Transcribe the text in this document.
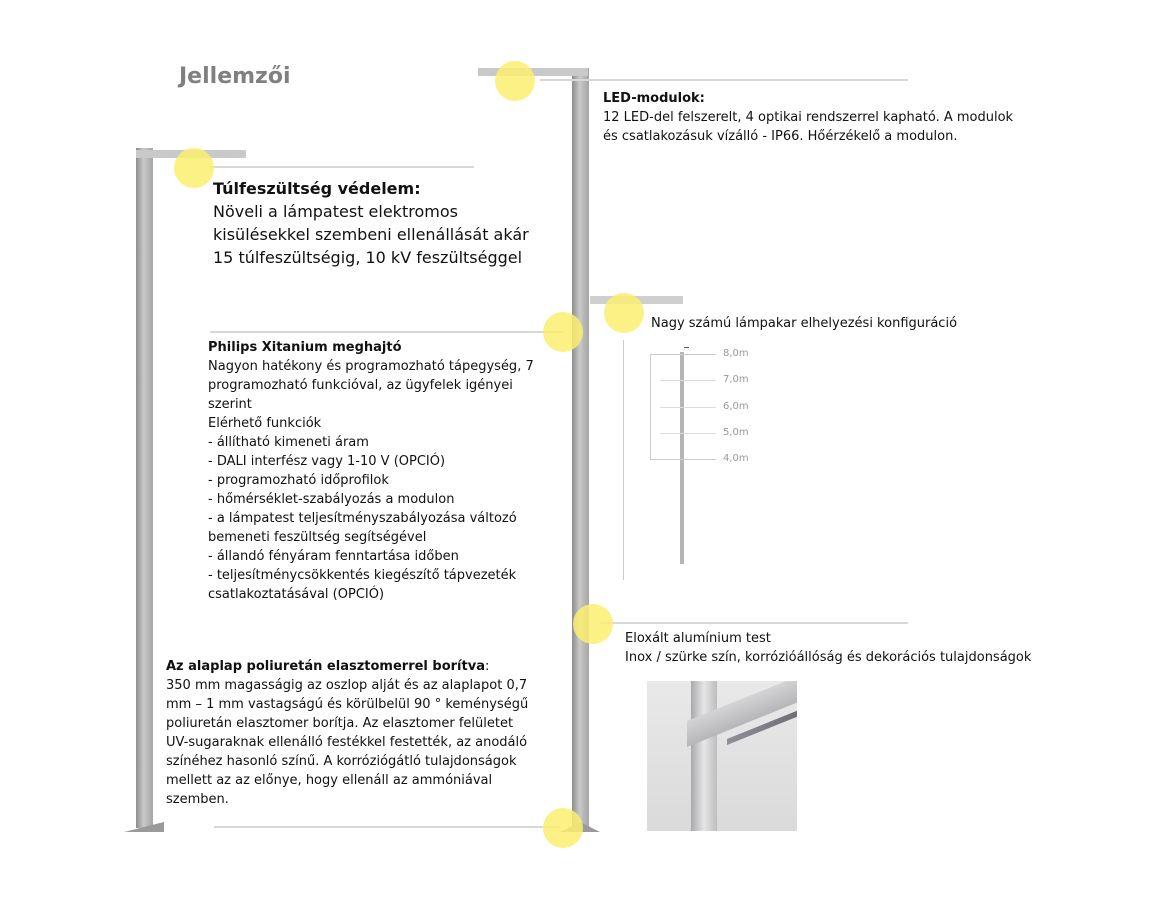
Jellemzői
LED-modulok:
12 LED-del felszerelt, 4 optikai rendszerrel kapható. A modulok
és csatlakozásuk vízálló - IP66. Hőérzékelő a modulon.
Túlfeszültség védelem:
Növeli a lámpatest elektromos
kisülésekkel szembeni ellenállását akár
15 túlfeszültségig, 10 kV feszültséggel
Philips Xitanium meghajtó
Nagyon hatékony és programozható tápegység, 7
programozható funkcióval, az ügyfelek igényei
szerint
Elérhető funkciók
- állítható kimeneti áram
- DALI interfész vagy 1-10 V (OPCIÓ)
- programozható időprofilok
- hőmérséklet-szabályozás a modulon
- a lámpatest teljesítményszabályozása változó
bemeneti feszültség segítségével
- állandó fényáram fenntartása időben
- teljesítménycsökkentés kiegészítő tápvezeték
csatlakoztatásával (OPCIÓ)
Nagy számú lámpakar elhelyezési konfiguráció
8,0m
7,0m
6,0m
5,0m
4,0m
Az alaplap poliuretán elasztomerrel borítva:
350 mm magasságig az oszlop alját és az alaplapot 0,7
mm – 1 mm vastagságú és körülbelül 90 ° keménységű
poliuretán elasztomer borítja. Az elasztomer felületet
UV-sugaraknak ellenálló festékkel festették, az anodáló
színéhez hasonló színű. A korróziógátló tulajdonságok
mellett az az előnye, hogy ellenáll az ammóniával
szemben.
Eloxált alumínium test
Inox / szürke szín, korrózióállóság és dekorációs tulajdonságok
